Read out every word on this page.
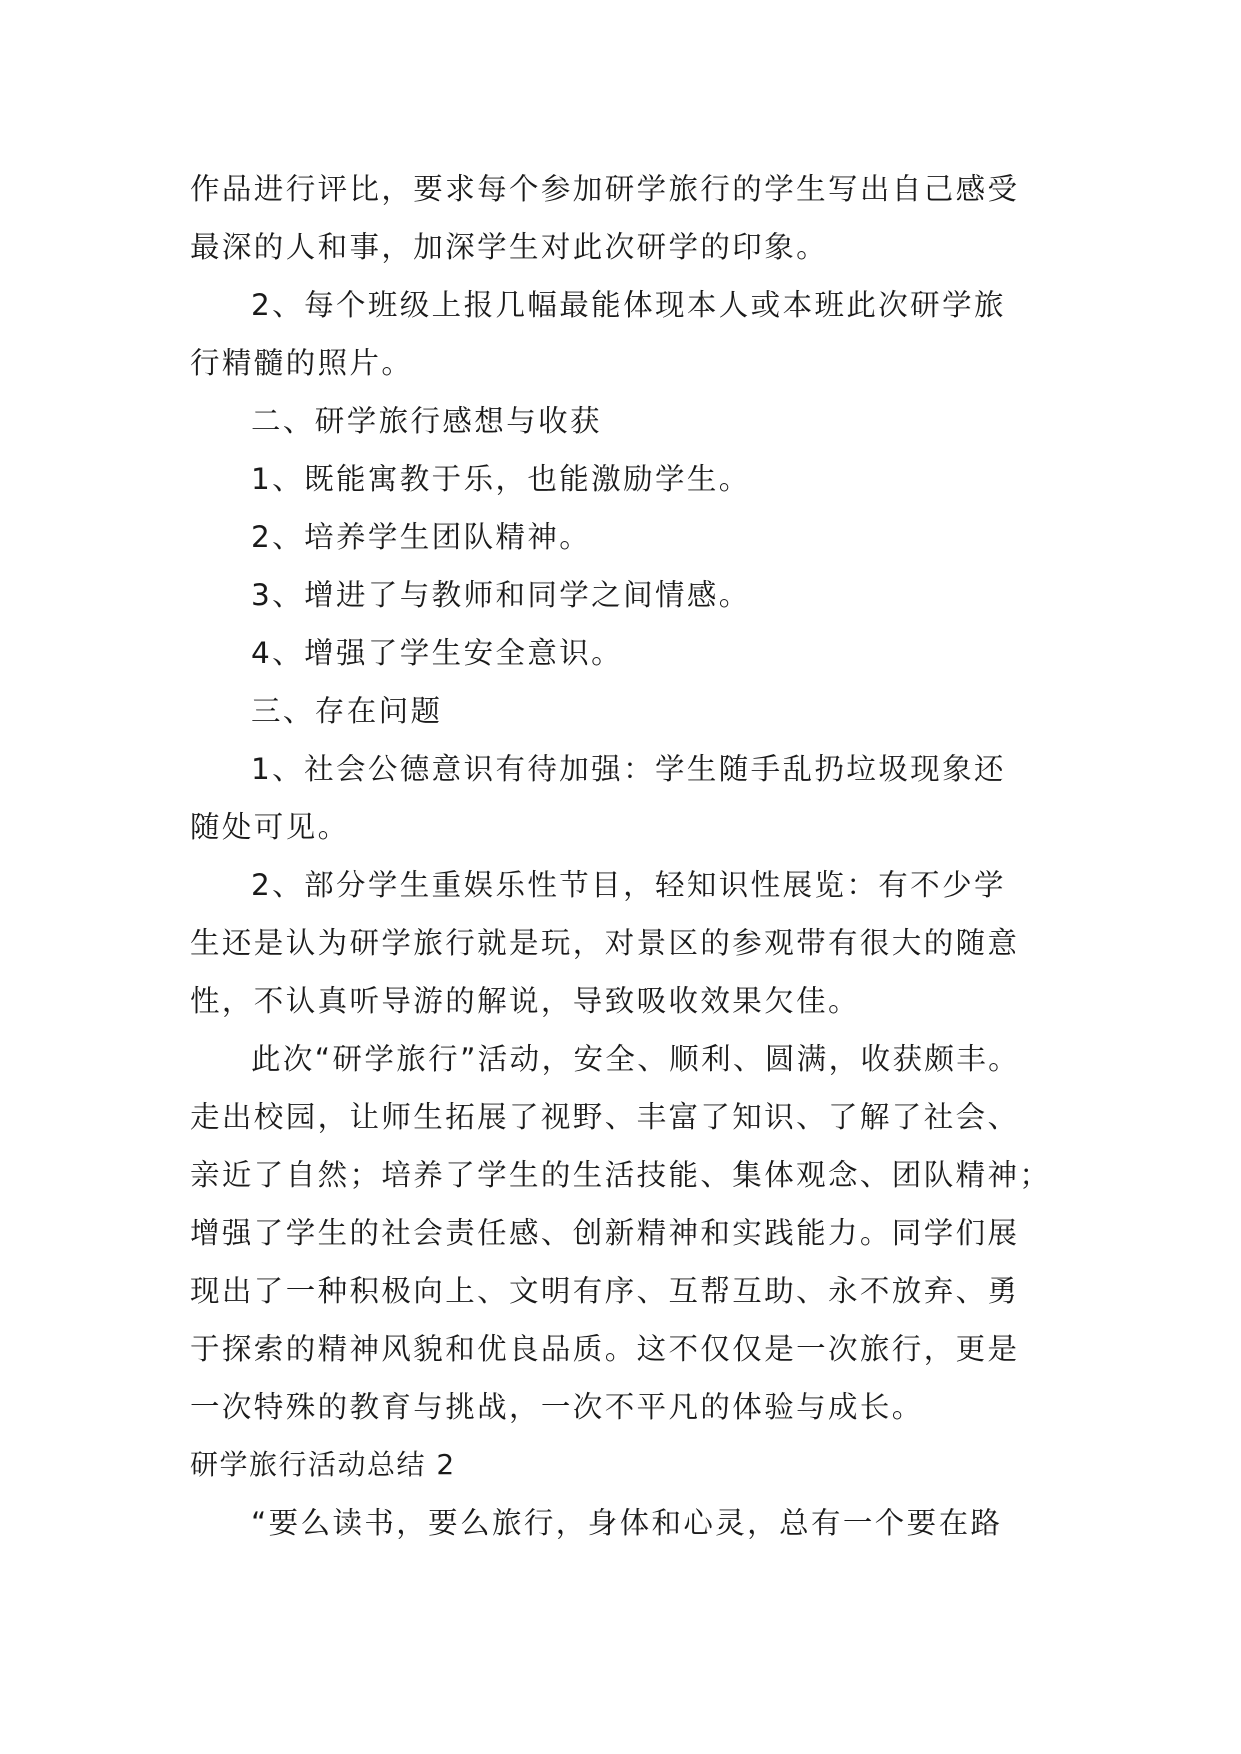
作品进行评比，要求每个参加研学旅行的学生写出自己感受
最深的人和事，加深学生对此次研学的印象。
2、每个班级上报几幅最能体现本人或本班此次研学旅
行精髓的照片。
二、研学旅行感想与收获
1、既能寓教于乐，也能激励学生。
2、培养学生团队精神。
3、增进了与教师和同学之间情感。
4、增强了学生安全意识。
三、存在问题
1、社会公德意识有待加强：学生随手乱扔垃圾现象还
随处可见。
2、部分学生重娱乐性节目，轻知识性展览：有不少学
生还是认为研学旅行就是玩，对景区的参观带有很大的随意
性，不认真听导游的解说，导致吸收效果欠佳。
此次“研学旅行”活动，安全、顺利、圆满，收获颇丰。
走出校园，让师生拓展了视野、丰富了知识、了解了社会、
亲近了自然；培养了学生的生活技能、集体观念、团队精神；
增强了学生的社会责任感、创新精神和实践能力。同学们展
现出了一种积极向上、文明有序、互帮互助、永不放弃、勇
于探索的精神风貌和优良品质。这不仅仅是一次旅行，更是
一次特殊的教育与挑战，一次不平凡的体验与成长。
研学旅行活动总结 2
“要么读书，要么旅行，身体和心灵，总有一个要在路
